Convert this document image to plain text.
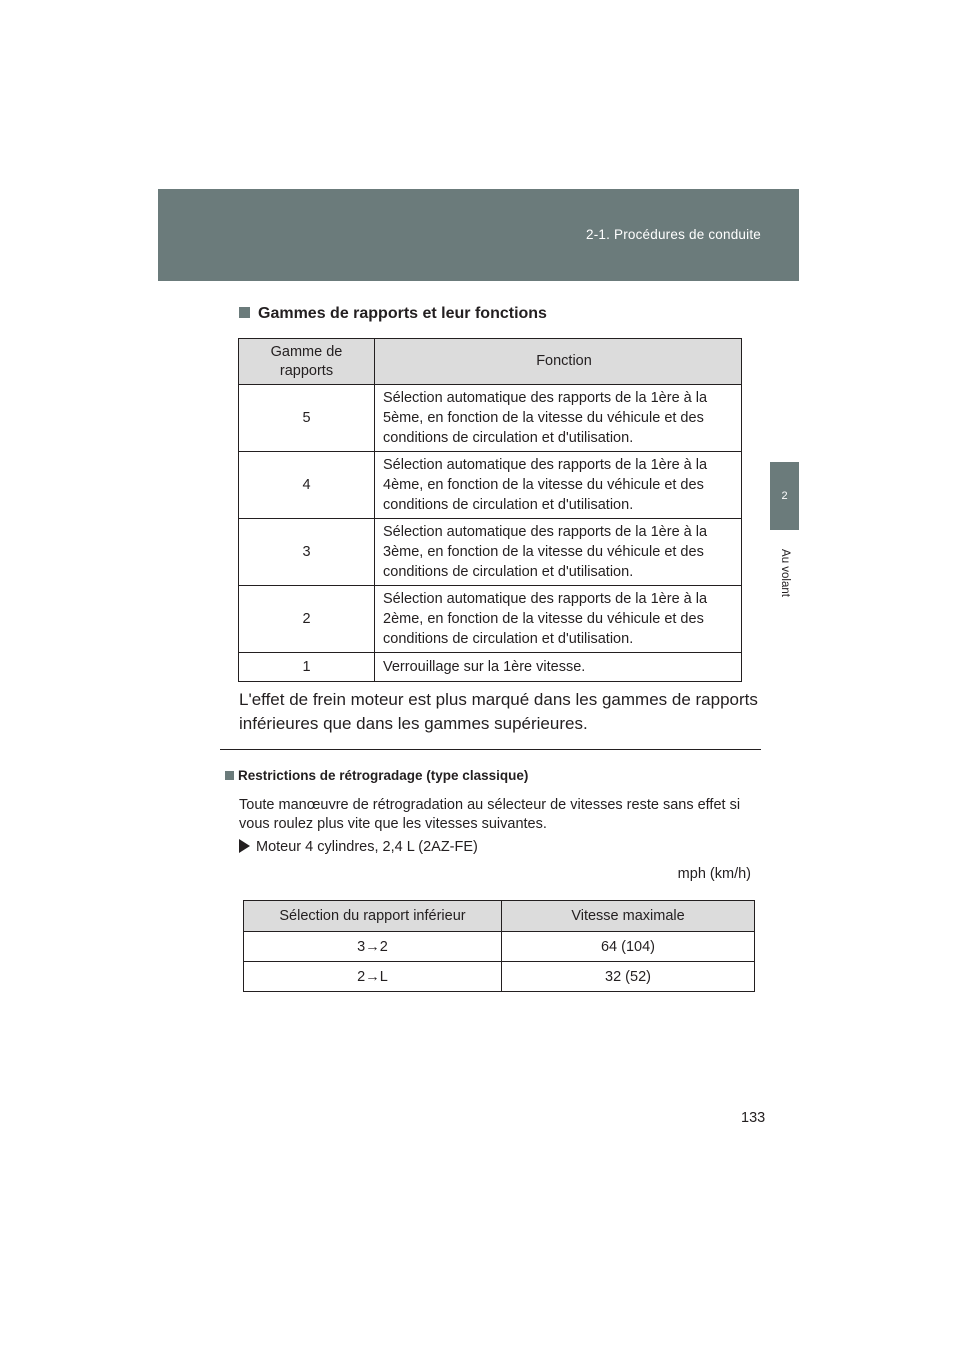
2-1. Procédures de conduite
2
Au volant
Gammes de rapports et leur fonctions
Gamme de rapports	Fonction
5	Sélection automatique des rapports de la 1ère à la 5ème, en fonction de la vitesse du véhicule et des conditions de circulation et d'utilisation.
4	Sélection automatique des rapports de la 1ère à la 4ème, en fonction de la vitesse du véhicule et des conditions de circulation et d'utilisation.
3	Sélection automatique des rapports de la 1ère à la 3ème, en fonction de la vitesse du véhicule et des conditions de circulation et d'utilisation.
2	Sélection automatique des rapports de la 1ère à la 2ème, en fonction de la vitesse du véhicule et des conditions de circulation et d'utilisation.
1	Verrouillage sur la 1ère vitesse.
L'effet de frein moteur est plus marqué dans les gammes de rapports inférieures que dans les gammes supérieures.
Restrictions de rétrogradage (type classique)
Toute manœuvre de rétrogradation au sélecteur de vitesses reste sans effet si vous roulez plus vite que les vitesses suivantes.
Moteur 4 cylindres, 2,4 L (2AZ-FE)
mph (km/h)
Sélection du rapport inférieur	Vitesse maximale
3→2	64 (104)
2→L	32 (52)
133
